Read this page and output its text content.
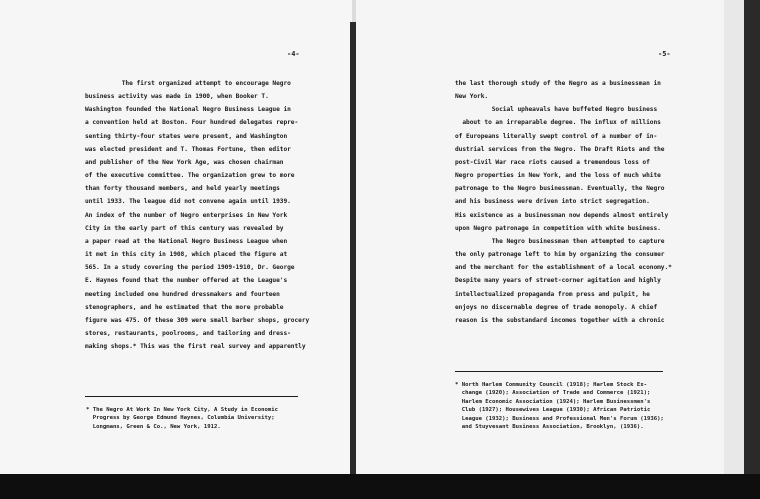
-4-
The first organized attempt to encourage Negro
business activity was made in 1900, when Booker T.
Washington founded the National Negro Business League in
a convention held at Boston. Four hundred delegates repre-
senting thirty-four states were present, and Washington
was elected president and T. Thomas Fortune, then editor
and publisher of the New York Age, was chosen chairman
of the executive committee. The organization grew to more
than forty thousand members, and held yearly meetings
until 1933. The league did not convene again until 1939.
An index of the number of Negro enterprises in New York
City in the early part of this century was revealed by
a paper read at the National Negro Business League when
it met in this city in 1908, which placed the figure at
565. In a study covering the period 1909-1910, Dr. George
E. Haynes found that the number offered at the League's
meeting included one hundred dressmakers and fourteen
stenographers, and he estimated that the more probable
figure was 475. Of these 309 were small barber shops, grocery
stores, restaurants, poolrooms, and tailoring and dress-
making shops.* This was the first real survey and apparently
* The Negro At Work In New York City, A Study in Economic
Progress by George Edmund Haynes, Columbia University;
Longmans, Green & Co., New York, 1912.
-5-
the last thorough study of the Negro as a businessman in
New York.
Social upheavals have buffeted Negro business
about to an irreparable degree. The influx of millions
of Europeans literally swept control of a number of in-
dustrial services from the Negro. The Draft Riots and the
post-Civil War race riots caused a tremendous loss of
Negro properties in New York, and the loss of much white
patronage to the Negro businessman. Eventually, the Negro
and his business were driven into strict segregation.
His existence as a businessman now depends almost entirely
upon Negro patronage in competition with white business.
The Negro businessman then attempted to capture
the only patronage left to him by organizing the consumer
and the merchant for the establishment of a local economy.*
Despite many years of street-corner agitation and highly
intellectualized propaganda from press and pulpit, he
enjoys no discernable degree of trade monopoly. A chief
reason is the substandard incomes together with a chronic
* North Harlem Community Council (1918); Harlem Stock Ex-
change (1920); Association of Trade and Commerce (1921);
Harlem Economic Association (1924); Harlem Businessmen's
Club (1927); Housewives League (1930); African Patriotic
League (1932); Business and Professional Men's Forum (1936);
and Stuyvesant Business Association, Brooklyn, (1936).
